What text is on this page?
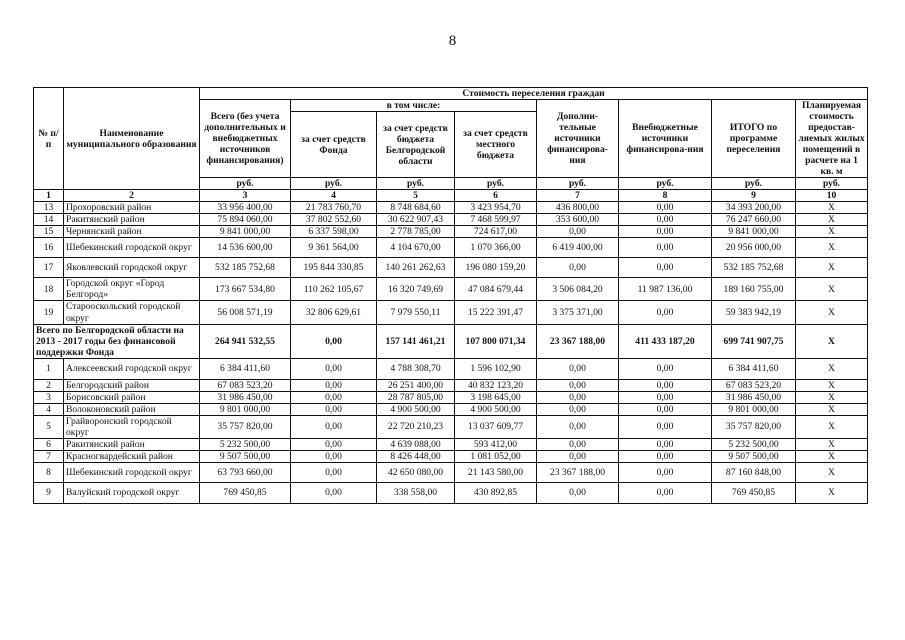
8
№ п/п	Наименование муниципального образования	Стоимость переселения граждан							
		Всего (без учета дополнительных и внебюджетных источников финансирования)	в том числе:			Дополни-тельные источники финансирова-ния	Внебюджетные источники финансирова-ния	ИТОГО по программе переселения	Планируемая стоимость предостав-ляемых жилых помещений в расчете на 1 кв. м
			за счет средств Фонда	за счет средств бюджета Белгородской области	за счет средств местного бюджета				
		руб.	руб.	руб.	руб.	руб.	руб.	руб.	руб.
1	2	3	4	5	6	7	8	9	10
13	Прохоровский район	33 956 400,00	21 783 760,70	8 748 684,60	3 423 954,70	436 800,00	0,00	34 393 200,00	X
14	Ракитянский район	75 894 060,00	37 802 552,60	30 622 907,43	7 468 599,97	353 600,00	0,00	76 247 660,00	X
15	Чернянский район	9 841 000,00	6 337 598,00	2 778 785,00	724 617,00	0,00	0,00	9 841 000,00	X
16	Шебекинский городской округ	14 536 600,00	9 361 564,00	4 104 670,00	1 070 366,00	6 419 400,00	0,00	20 956 000,00	X
17	Яковлевский городской округ	532 185 752,68	195 844 330,85	140 261 262,63	196 080 159,20	0,00	0,00	532 185 752,68	X
18	Городской округ «Город Белгород»	173 667 534,80	110 262 105,67	16 320 749,69	47 084 679,44	3 506 084,20	11 987 136,00	189 160 755,00	X
19	Старооскольский городской округ	56 008 571,19	32 806 629,61	7 979 550,11	15 222 391,47	3 375 371,00	0,00	59 383 942,19	X
Всего по Белгородской области на 2013 - 2017 годы без финансовой поддержки Фонда		264 941 532,55	0,00	157 141 461,21	107 800 071,34	23 367 188,00	411 433 187,20	699 741 907,75	X
1	Алексеевский городской округ	6 384 411,60	0,00	4 788 308,70	1 596 102,90	0,00	0,00	6 384 411,60	X
2	Белгородский район	67 083 523,20	0,00	26 251 400,00	40 832 123,20	0,00	0,00	67 083 523,20	X
3	Борисовский район	31 986 450,00	0,00	28 787 805,00	3 198 645,00	0,00	0,00	31 986 450,00	X
4	Волоконовский район	9 801 000,00	0,00	4 900 500,00	4 900 500,00	0,00	0,00	9 801 000,00	X
5	Грайворонский городской округ	35 757 820,00	0,00	22 720 210,23	13 037 609,77	0,00	0,00	35 757 820,00	X
6	Ракитянский район	5 232 500,00	0,00	4 639 088,00	593 412,00	0,00	0,00	5 232 500,00	X
7	Красногвардейский район	9 507 500,00	0,00	8 426 448,00	1 081 052,00	0,00	0,00	9 507 500,00	X
8	Шебекинский городской округ	63 793 660,00	0,00	42 650 080,00	21 143 580,00	23 367 188,00	0,00	87 160 848,00	X
9	Валуйский городской округ	769 450,85	0,00	338 558,00	430 892,85	0,00	0,00	769 450,85	X
